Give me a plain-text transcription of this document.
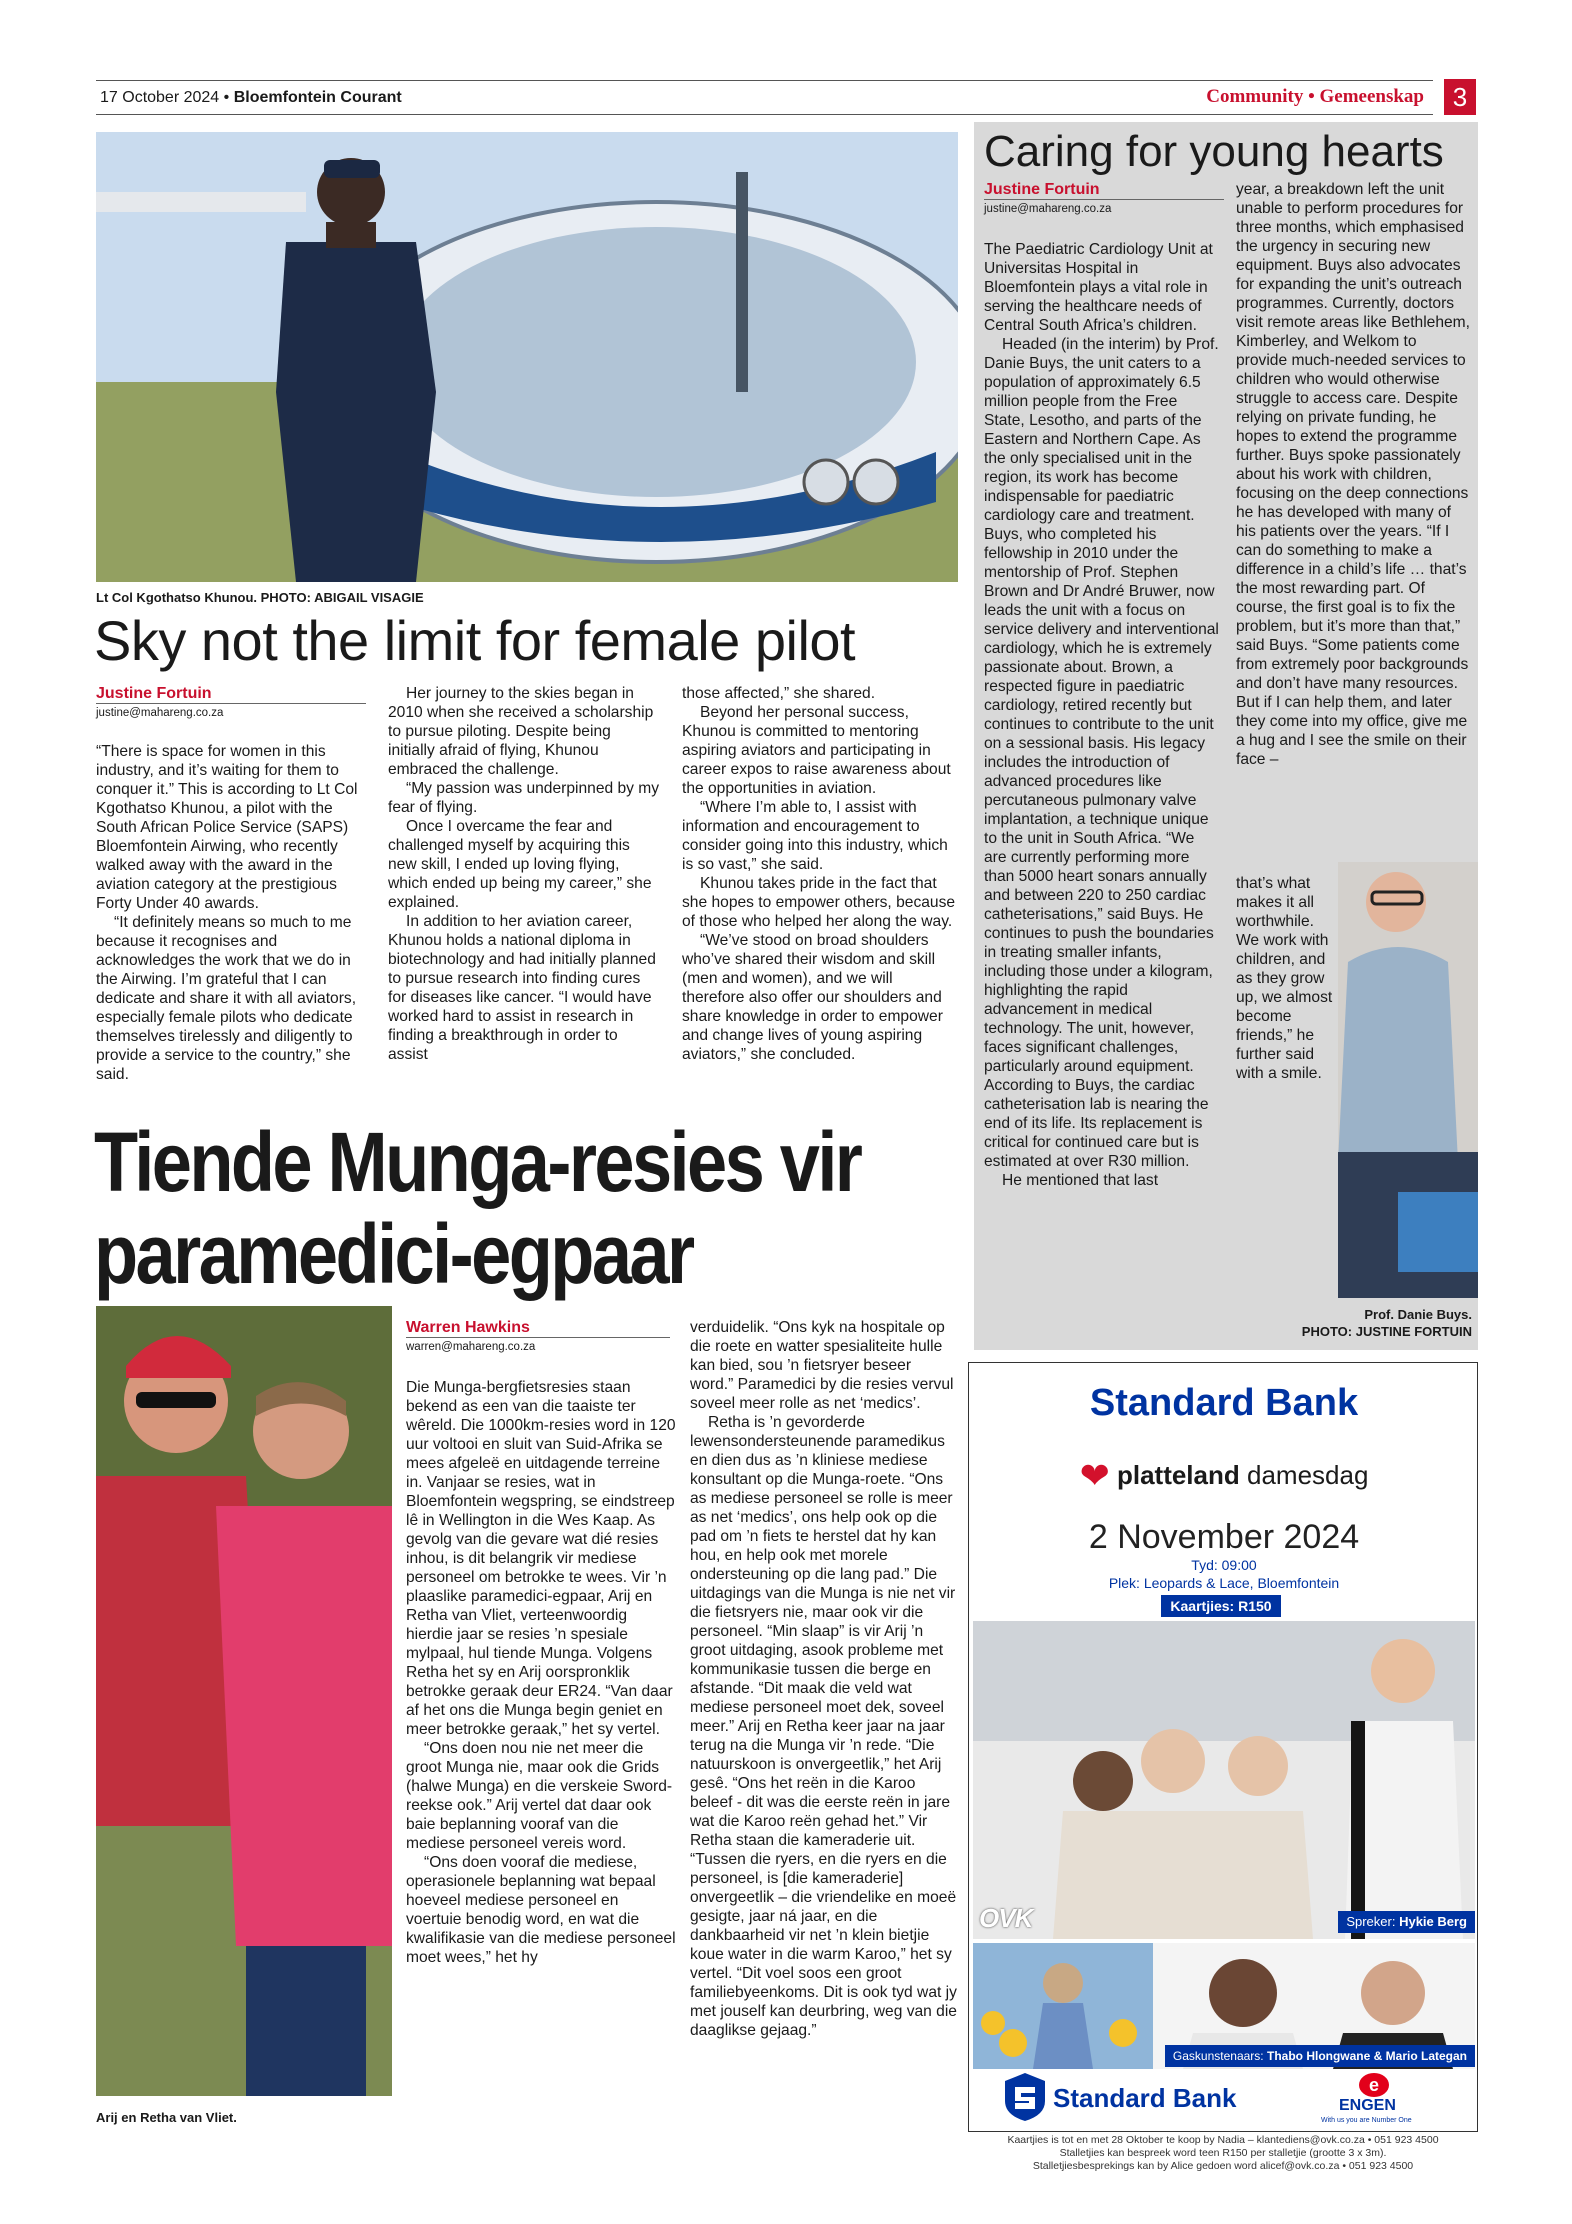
17 October 2024 • Bloemfontein Courant	Community • Gemeenskap	3
Lt Col Kgothatso Khunou. PHOTO: ABIGAIL VISAGIE
Sky not the limit for female pilot
Justine Fortuin
justine@mahareng.co.za

“There is space for women in this industry, and it’s waiting for them to conquer it.” This is according to Lt Col Kgothatso Khunou, a pilot with the South African Police Service (SAPS) Bloemfontein Airwing, who recently walked away with the award in the aviation category at the prestigious Forty Under 40 awards.

“It definitely means so much to me because it recognises and acknowledges the work that we do in the Airwing. I’m grateful that I can dedicate and share it with all aviators, especially female pilots who dedicate themselves tirelessly and diligently to provide a service to the country,” she said.

Her journey to the skies began in 2010 when she received a scholarship to pursue piloting. Despite being initially afraid of flying, Khunou embraced the challenge.

“My passion was underpinned by my fear of flying.

Once I overcame the fear and challenged myself by acquiring this new skill, I ended up loving flying, which ended up being my career,” she explained.

In addition to her aviation career, Khunou holds a national diploma in biotechnology and had initially planned to pursue research into finding cures for diseases like cancer. “I would have worked hard to assist in research in finding a breakthrough in order to assist

those affected,” she shared.

Beyond her personal success, Khunou is committed to mentoring aspiring aviators and participating in career expos to raise awareness about the opportunities in aviation.

“Where I’m able to, I assist with information and encouragement to consider going into this industry, which is so vast,” she said.

Khunou takes pride in the fact that she hopes to empower others, because of those who helped her along the way.

“We’ve stood on broad shoulders who’ve shared their wisdom and skill (men and women), and we will therefore also offer our shoulders and share knowledge in order to empower and change lives of young aspiring aviators,” she concluded.

Caring for young hearts
Justine Fortuin
justine@mahareng.co.za

The Paediatric Cardiology Unit at Universitas Hospital in Bloemfontein plays a vital role in serving the healthcare needs of Central South Africa’s children.

Headed (in the interim) by Prof. Danie Buys, the unit caters to a population of approximately 6.5 million people from the Free State, Lesotho, and parts of the Eastern and Northern Cape. As the only specialised unit in the region, its work has become indispensable for paediatric cardiology care and treatment. Buys, who completed his fellowship in 2010 under the mentorship of Prof. Stephen Brown and Dr André Bruwer, now leads the unit with a focus on service delivery and interventional cardiology, which he is extremely passionate about. Brown, a respected figure in paediatric cardiology, retired recently but continues to contribute to the unit on a sessional basis. His legacy includes the introduction of advanced procedures like percutaneous pulmonary valve implantation, a technique unique to the unit in South Africa. “We are currently performing more than 5000 heart sonars annually and between 220 to 250 cardiac catheterisations,” said Buys. He continues to push the boundaries in treating smaller infants, including those under a kilogram, highlighting the rapid advancement in medical technology. The unit, however, faces significant challenges, particularly around equipment. According to Buys, the cardiac catheterisation lab is nearing the end of its life. Its replacement is critical for continued care but is estimated at over R30 million.

He mentioned that last

year, a breakdown left the unit unable to perform procedures for three months, which emphasised the urgency in securing new equipment. Buys also advocates for expanding the unit’s outreach programmes. Currently, doctors visit remote areas like Bethlehem, Kimberley, and Welkom to provide much-needed services to children who would otherwise struggle to access care. Despite relying on private funding, he hopes to extend the programme further. Buys spoke passionately about his work with children, focusing on the deep connections he has developed with many of his patients over the years. “If I can do something to make a difference in a child’s life … that’s the most rewarding part. Of course, the first goal is to fix the problem, but it’s more than that,” said Buys. “Some patients come from extremely poor backgrounds and don’t have many resources. But if I can help them, and later they come into my office, give me a hug and I see the smile on their face –

that’s what makes it all worthwhile. We work with children, and as they grow up, we almost become friends,” he further said with a smile.

Prof. Danie Buys.
PHOTO: JUSTINE FORTUIN
Tiende Munga-resies vir paramedici-egpaar
Arij en Retha van Vliet.
Warren Hawkins
warren@mahareng.co.za

Die Munga-bergfietsresies staan bekend as een van die taaiste ter wêreld. Die 1000km-resies word in 120 uur voltooi en sluit van Suid-Afrika se mees afgeleë en uitdagende terreine in. Vanjaar se resies, wat in Bloemfontein wegspring, se eindstreep lê in Wellington in die Wes Kaap. As gevolg van die gevare wat dié resies inhou, is dit belangrik vir mediese personeel om betrokke te wees. Vir ’n plaaslike paramedici-egpaar, Arij en Retha van Vliet, verteenwoordig hierdie jaar se resies ’n spesiale mylpaal, hul tiende Munga. Volgens Retha het sy en Arij oorspronklik betrokke geraak deur ER24. “Van daar af het ons die Munga begin geniet en meer betrokke geraak,” het sy vertel.

“Ons doen nou nie net meer die groot Munga nie, maar ook die Grids (halwe Munga) en die verskeie Sword-reekse ook.” Arij vertel dat daar ook baie beplanning vooraf van die mediese personeel vereis word.

“Ons doen vooraf die mediese, operasionele beplanning wat bepaal hoeveel mediese personeel en voertuie benodig word, en wat die kwalifikasie van die mediese personeel moet wees,” het hy

verduidelik. “Ons kyk na hospitale op die roete en watter spesialiteite hulle kan bied, sou ’n fietsryer beseer word.” Paramedici by die resies vervul soveel meer rolle as net ‘medics’.

Retha is ’n gevorderde lewensondersteunende paramedikus en dien dus as ’n kliniese mediese konsultant op die Munga-roete. “Ons as mediese personeel se rolle is meer as net ‘medics’, ons help ook op die pad om ’n fiets te herstel dat hy kan hou, en help ook met morele ondersteuning op die lang pad.” Die uitdagings van die Munga is nie net vir die fietsryers nie, maar ook vir die personeel. “Min slaap” is vir Arij ’n groot uitdaging, asook probleme met kommunikasie tussen die berge en afstande. “Dit maak die veld wat mediese personeel moet dek, soveel meer.” Arij en Retha keer jaar na jaar terug na die Munga vir ’n rede. “Die natuurskoon is onvergeetlik,” het Arij gesê. “Ons het reën in die Karoo beleef - dit was die eerste reën in jare wat die Karoo reën gehad het.” Vir Retha staan die kameraderie uit. “Tussen die ryers, en die ryers en die personeel, is [die kameraderie] onvergeetlik – die vriendelike en moeë gesigte, jaar ná jaar, en die dankbaarheid vir net ’n klein bietjie koue water in die warm Karoo,” het sy vertel. “Dit voel soos een groot familiebyeenkoms. Dit is ook tyd wat jy met jouself kan deurbring, weg van die daaglikse gejaag.”

Standard Bank
❤ platteland damesdag
2 November 2024
Tyd: 09:00
Plek: Leopards & Lace, Bloemfontein
Kaartjies: R150
OVK	Spreker: Hykie Berg
Gaskunstenaars: Thabo Hlongwane & Mario Lategan
Standard Bank	e
ENGEN
With us you are Number One
Kaartjies is tot en met 28 Oktober te koop by Nadia – klantediens@ovk.co.za • 051 923 4500
Stalletjies kan bespreek word teen R150 per stalletjie (grootte 3 x 3m).
Stalletjiesbesprekings kan by Alice gedoen word alicef@ovk.co.za • 051 923 4500
